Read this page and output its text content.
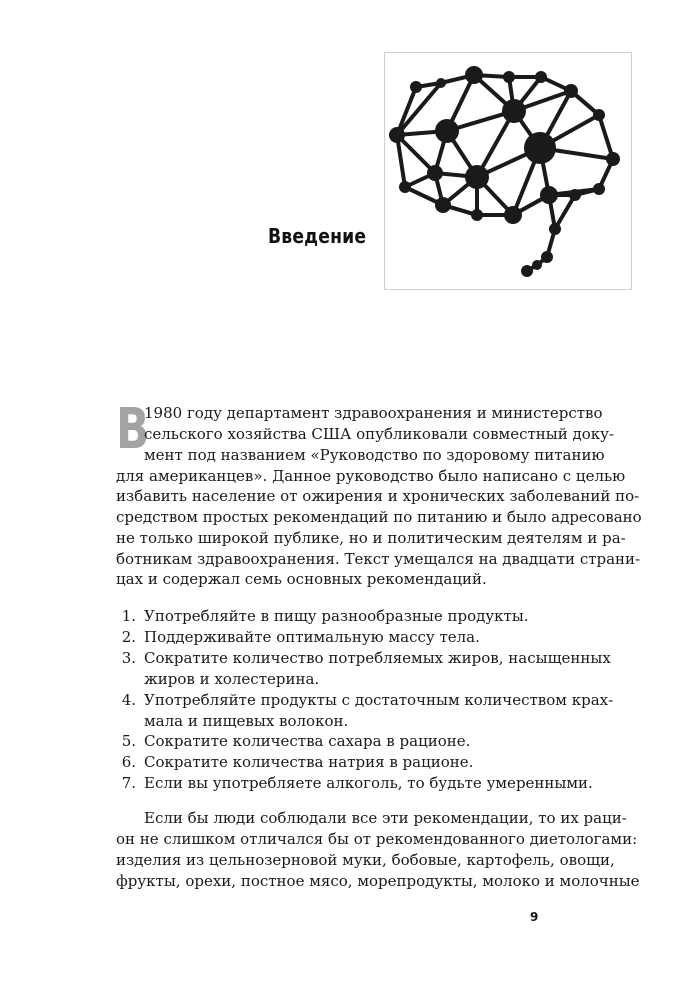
Введение
В
1980 году департамент здравоохранения и министерство
сельского хозяйства США опубликовали совместный доку-
мент под названием «Руководство по здоровому питанию
для американцев». Данное руководство было написано с целью
избавить население от ожирения и хронических заболеваний по-
средством простых рекомендаций по питанию и было адресовано
не только широкой публике, но и политическим деятелям и ра-
ботникам здравоохранения. Текст умещался на двадцати страни-
цах и содержал семь основных рекомендаций.
1. Употребляйте в пищу разнообразные продукты.
2. Поддерживайте оптимальную массу тела.
3. Сократите количество потребляемых жиров, насыщенных
жиров и холестерина.
4. Употребляйте продукты с достаточным количеством крах-
мала и пищевых волокон.
5. Сократите количества сахара в рационе.
6. Сократите количества натрия в рационе.
7. Если вы употребляете алкоголь, то будьте умеренными.
Если бы люди соблюдали все эти рекомендации, то их раци-
он не слишком отличался бы от рекомендованного диетологами:
изделия из цельнозерновой муки, бобовые, картофель, овощи,
фрукты, орехи, постное мясо, морепродукты, молоко и молочные
9
